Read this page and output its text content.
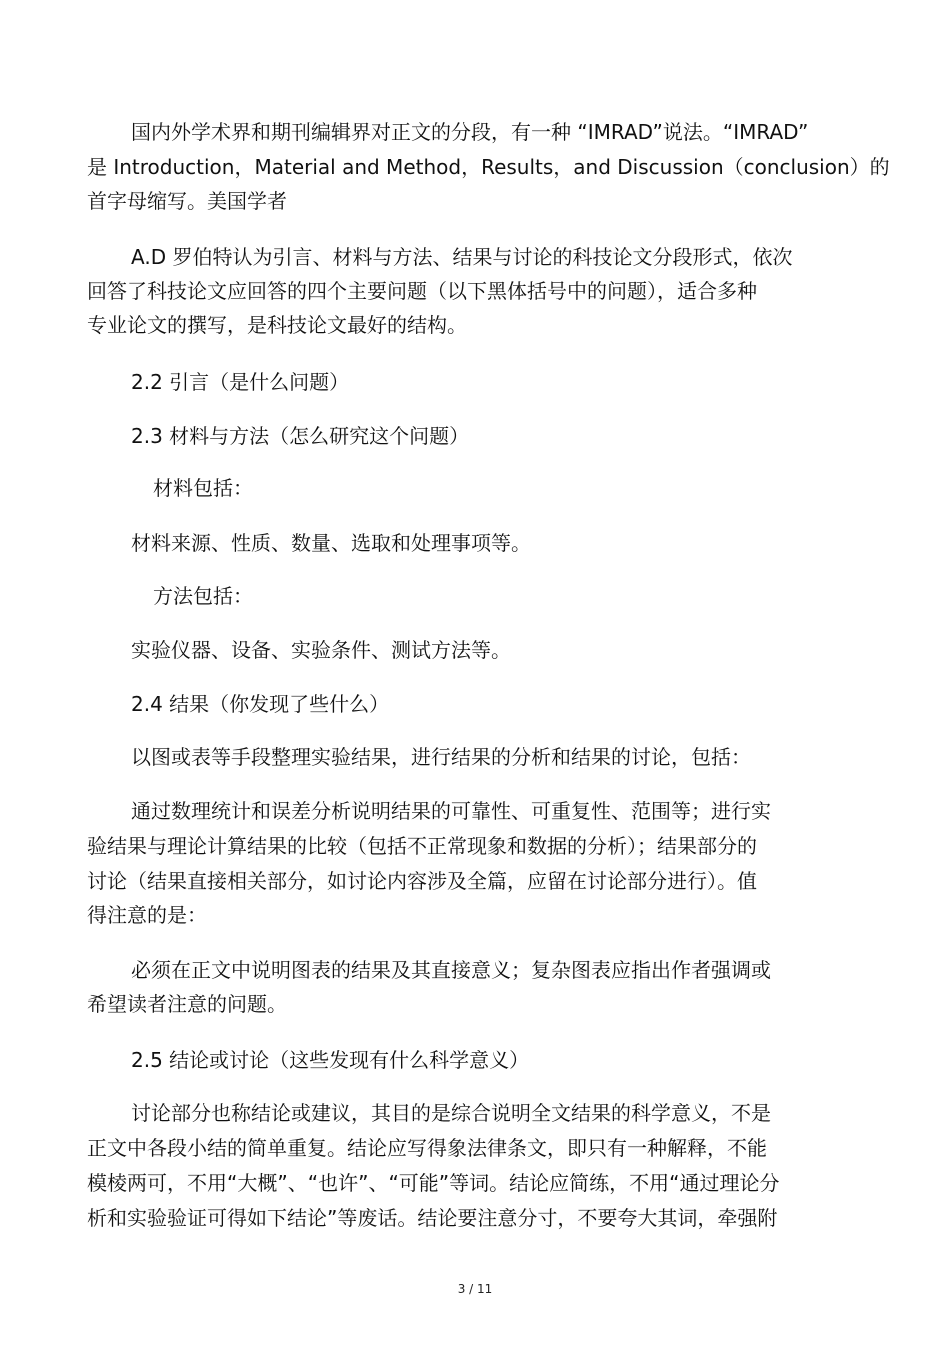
国内外学术界和期刊编辑界对正文的分段，有一种 “IMRAD”说法。“IMRAD”
是 Introduction，Material and Method，Results，and Discussion（conclusion）的
首字母缩写。美国学者
A.D 罗伯特认为引言、材料与方法、结果与讨论的科技论文分段形式，依次
回答了科技论文应回答的四个主要问题（以下黑体括号中的问题），适合多种
专业论文的撰写，是科技论文最好的结构。
2.2 引言（是什么问题）
2.3 材料与方法（怎么研究这个问题）
材料包括：
材料来源、性质、数量、选取和处理事项等。
方法包括：
实验仪器、设备、实验条件、测试方法等。
2.4 结果（你发现了些什么）
以图或表等手段整理实验结果，进行结果的分析和结果的讨论，包括：
通过数理统计和误差分析说明结果的可靠性、可重复性、范围等；进行实
验结果与理论计算结果的比较（包括不正常现象和数据的分析）；结果部分的
讨论（结果直接相关部分，如讨论内容涉及全篇，应留在讨论部分进行）。值
得注意的是：
必须在正文中说明图表的结果及其直接意义；复杂图表应指出作者强调或
希望读者注意的问题。
2.5 结论或讨论（这些发现有什么科学意义）
讨论部分也称结论或建议，其目的是综合说明全文结果的科学意义，不是
正文中各段小结的简单重复。结论应写得象法律条文，即只有一种解释，不能
模棱两可，不用“大概”、“也许”、“可能”等词。结论应简练，不用“通过理论分
析和实验验证可得如下结论”等废话。结论要注意分寸，不要夸大其词，牵强附
3 / 11
